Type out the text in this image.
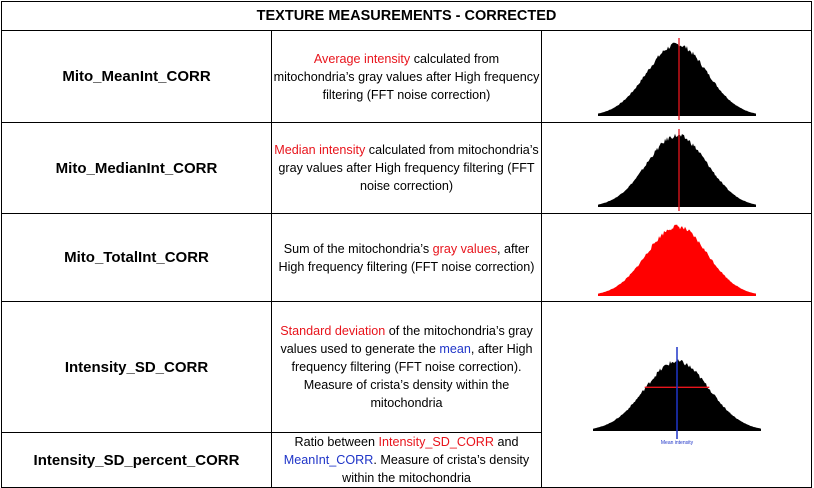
TEXTURE MEASUREMENTS - CORRECTED		
Mito_MeanInt_CORR	Average intensity calculated from mitochondria’s gray values after High frequency filtering (FFT noise correction)	

Mito_MedianInt_CORR	Median intensity calculated from mitochondria’s gray values after High frequency filtering (FFT noise correction)	

Mito_TotalInt_CORR	Sum of the mitochondria’s gray values, after High frequency filtering (FFT noise correction)	

Intensity_SD_CORR	Standard deviation of the mitochondria’s gray values used to generate the mean, after High frequency filtering (FFT noise correction). Measure of crista’s density within the mitochondria	Mean intensity

Intensity_SD_percent_CORR	Ratio between Intensity_SD_CORR and MeanInt_CORR. Measure of crista’s density within the mitochondria	
